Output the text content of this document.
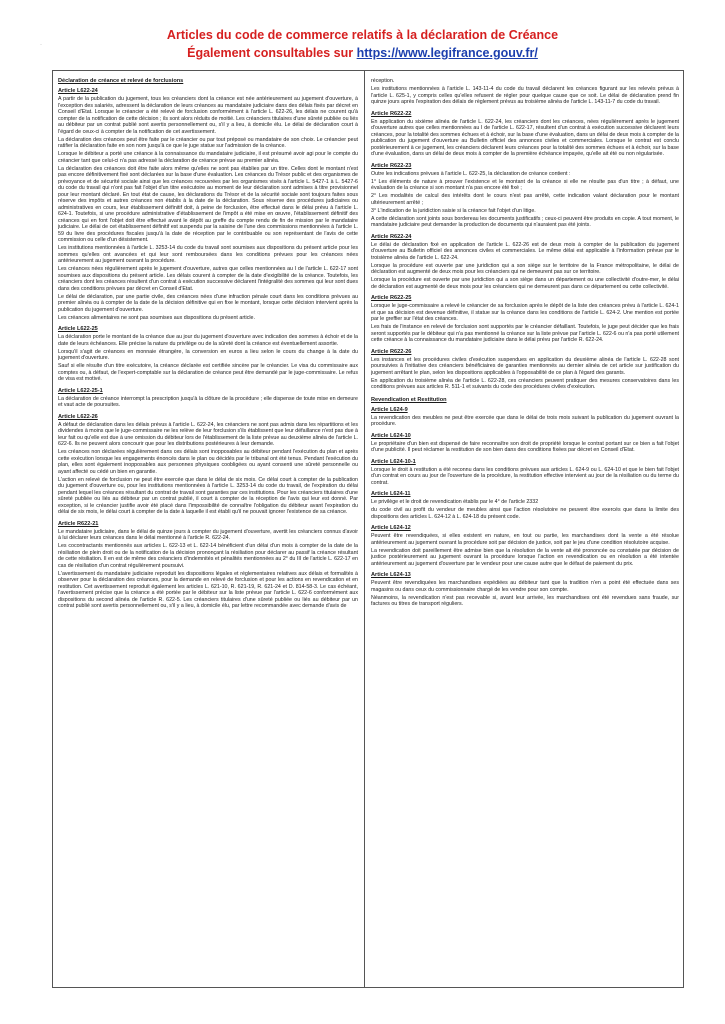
·
Articles du code de commerce relatifs à la déclaration de Créance
Également consultables sur https://www.legifrance.gouv.fr/
Déclaration de créance et relevé de forclusions
Article L622-24

A partir de la publication du jugement, tous les créanciers dont la créance est née antérieurement au jugement d'ouverture, à l'exception des salariés, adressent la déclaration de leurs créances au mandataire judiciaire dans des délais fixés par décret en Conseil d'Etat. Lorsque le créancier a été relevé de forclusion conformément à l'article L. 622-26, les délais ne courent qu'à compter de la notification de cette décision ; ils sont alors réduits de moitié. Les créanciers titulaires d'une sûreté publiée ou liés au débiteur par un contrat publié sont avertis personnellement ou, s'il y a lieu, à domicile élu. Le délai de déclaration court à l'égard de ceux-ci à compter de la notification de cet avertissement.

La déclaration des créances peut être faite par le créancier ou par tout préposé ou mandataire de son choix. Le créancier peut ratifier la déclaration faite en son nom jusqu'à ce que le juge statue sur l'admission de la créance.

Lorsque le débiteur a porté une créance à la connaissance du mandataire judiciaire, il est présumé avoir agi pour le compte du créancier tant que celui-ci n'a pas adressé la déclaration de créance prévue au premier alinéa.

La déclaration des créances doit être faite alors même qu'elles ne sont pas établies par un titre. Celles dont le montant n'est pas encore définitivement fixé sont déclarées sur la base d'une évaluation. Les créances du Trésor public et des organismes de prévoyance et de sécurité sociale ainsi que les créances recouvrées par les organismes visés à l'article L. 5427-1 à L. 5427-6 du code du travail qui n'ont pas fait l'objet d'un titre exécutoire au moment de leur déclaration sont admises à titre provisionnel pour leur montant déclaré. En tout état de cause, les déclarations du Trésor et de la sécurité sociale sont toujours faites sous réserve des impôts et autres créances non établis à la date de la déclaration. Sous réserve des procédures judiciaires ou administratives en cours, leur établissement définitif doit, à peine de forclusion, être effectué dans le délai prévu à l'article L. 624-1. Toutefois, si une procédure administrative d'établissement de l'impôt a été mise en œuvre, l'établissement définitif des créances qui en font l'objet doit être effectué avant le dépôt au greffe du compte rendu de fin de mission par le mandataire judiciaire. Le délai de cet établissement définitif est suspendu par la saisine de l'une des commissions mentionnées à l'article L. 59 du livre des procédures fiscales jusqu'à la date de réception par le contribuable ou son représentant de l'avis de cette commission ou celle d'un désistement.

Les institutions mentionnées à l'article L. 3253-14 du code du travail sont soumises aux dispositions du présent article pour les sommes qu'elles ont avancées et qui leur sont remboursées dans les conditions prévues pour les créances nées antérieurement au jugement ouvrant la procédure.

Les créances nées régulièrement après le jugement d'ouverture, autres que celles mentionnées au I de l'article L. 622-17 sont soumises aux dispositions du présent article. Les délais courent à compter de la date d'exigibilité de la créance. Toutefois, les créanciers dont les créances résultent d'un contrat à exécution successive déclarent l'intégralité des sommes qui leur sont dues dans des conditions prévues par décret en Conseil d'Etat.

Le délai de déclaration, par une partie civile, des créances nées d'une infraction pénale court dans les conditions prévues au premier alinéa ou à compter de la date de la décision définitive qui en fixe le montant, lorsque cette décision intervient après la publication du jugement d'ouverture.

Les créances alimentaires ne sont pas soumises aux dispositions du présent article.

Article L622-25

La déclaration porte le montant de la créance due au jour du jugement d'ouverture avec indication des sommes à échoir et de la date de leurs échéances. Elle précise la nature du privilège ou de la sûreté dont la créance est éventuellement assortie.

Lorsqu'il s'agit de créances en monnaie étrangère, la conversion en euros a lieu selon le cours du change à la date du jugement d'ouverture.

Sauf si elle résulte d'un titre exécutoire, la créance déclarée est certifiée sincère par le créancier. Le visa du commissaire aux comptes ou, à défaut, de l'expert-comptable sur la déclaration de créance peut être demandé par le juge-commissaire. Le refus de visa est motivé.

Article L622-25-1

La déclaration de créance interrompt la prescription jusqu'à la clôture de la procédure ; elle dispense de toute mise en demeure et vaut acte de poursuites.

Article L622-26

A défaut de déclaration dans les délais prévus à l'article L. 622-24, les créanciers ne sont pas admis dans les répartitions et les dividendes à moins que le juge-commissaire ne les relève de leur forclusion s'ils établissent que leur défaillance n'est pas due à leur fait ou qu'elle est due à une omission du débiteur lors de l'établissement de la liste prévue au deuxième alinéa de l'article L. 622-6. Ils ne peuvent alors concourir que pour les distributions postérieures à leur demande.

Les créances non déclarées régulièrement dans ces délais sont inopposables au débiteur pendant l'exécution du plan et après cette exécution lorsque les engagements énoncés dans le plan ou décidés par le tribunal ont été tenus. Pendant l'exécution du plan, elles sont également inopposables aux personnes physiques coobligées ou ayant consenti une sûreté personnelle ou ayant affecté ou cédé un bien en garantie.

L'action en relevé de forclusion ne peut être exercée que dans le délai de six mois. Ce délai court à compter de la publication du jugement d'ouverture ou, pour les institutions mentionnées à l'article L. 3253-14 du code du travail, de l'expiration du délai pendant lequel les créances résultant du contrat de travail sont garanties par ces institutions. Pour les créanciers titulaires d'une sûreté publiée ou liés au débiteur par un contrat publié, il court à compter de la réception de l'avis qui leur est donné. Par exception, si le créancier justifie avoir été placé dans l'impossibilité de connaître l'obligation du débiteur avant l'expiration du délai de six mois, le délai court à compter de la date à laquelle il est établi qu'il ne pouvait ignorer l'existence de sa créance.

Article R622-21

Le mandataire judiciaire, dans le délai de quinze jours à compter du jugement d'ouverture, avertit les créanciers connus d'avoir à lui déclarer leurs créances dans le délai mentionné à l'article R. 622-24.

Les cocontractants mentionnés aux articles L. 622-13 et L. 622-14 bénéficient d'un délai d'un mois à compter de la date de la résiliation de plein droit ou de la notification de la décision prononçant la résiliation pour déclarer au passif la créance résultant de cette résiliation. Il en est de même des créanciers d'indemnités et pénalités mentionnées au 2° du III de l'article L. 622-17 en cas de résiliation d'un contrat régulièrement poursuivi.

L'avertissement du mandataire judiciaire reproduit les dispositions légales et réglementaires relatives aux délais et formalités à observer pour la déclaration des créances, pour la demande en relevé de forclusion et pour les actions en revendication et en restitution. Cet avertissement reproduit également les articles L. 621-10, R. 621-19, R. 621-24 et D. 814-58-3. Le cas échéant, l'avertissement précise que la créance a été portée par le débiteur sur la liste prévue par l'article L. 622-6 conformément aux dispositions du second alinéa de l'article R. 622-5. Les créanciers titulaires d'une sûreté publiée ou liés au débiteur par un contrat publié sont avertis personnellement ou, s'il y a lieu, à domicile élu, par lettre recommandée avec demande d'avis de

réception.

Les institutions mentionnées à l'article L. 143-11-4 du code du travail déclarent les créances figurant sur les relevés prévus à l'article L. 625-1, y compris celles qu'elles refusent de régler pour quelque cause que ce soit. Le délai de déclaration prend fin quinze jours après l'expiration des délais de règlement prévus au troisième alinéa de l'article L. 143-11-7 du code du travail.

Article R622-22

En application du sixième alinéa de l'article L. 622-24, les créanciers dont les créances, nées régulièrement après le jugement d'ouverture autres que celles mentionnées au I de l'article L. 622-17, résultent d'un contrat à exécution successive déclarent leurs créances, pour la totalité des sommes échues et à échoir, sur la base d'une évaluation, dans un délai de deux mois à compter de la publication du jugement d'ouverture au Bulletin officiel des annonces civiles et commerciales. Lorsque le contrat est conclu postérieurement à ce jugement, les créanciers déclarent leurs créances pour la totalité des sommes échues et à échoir, sur la base d'une évaluation, dans un délai de deux mois à compter de la première échéance impayée, qu'elle ait été ou non régularisée.

Article R622-23

Outre les indications prévues à l'article L. 622-25, la déclaration de créance contient :

1° Les éléments de nature à prouver l'existence et le montant de la créance si elle ne résulte pas d'un titre ; à défaut, une évaluation de la créance si son montant n'a pas encore été fixé ;

2° Les modalités de calcul des intérêts dont le cours n'est pas arrêté, cette indication valant déclaration pour le montant ultérieurement arrêté ;

3° L'indication de la juridiction saisie si la créance fait l'objet d'un litige.

A cette déclaration sont joints sous bordereau les documents justificatifs ; ceux-ci peuvent être produits en copie. A tout moment, le mandataire judiciaire peut demander la production de documents qui n'auraient pas été joints.

Article R622-24

Le délai de déclaration fixé en application de l'article L. 622-26 est de deux mois à compter de la publication du jugement d'ouverture au Bulletin officiel des annonces civiles et commerciales. Le même délai est applicable à l'information prévue par le troisième alinéa de l'article L. 622-24.

Lorsque la procédure est ouverte par une juridiction qui a son siège sur le territoire de la France métropolitaine, le délai de déclaration est augmenté de deux mois pour les créanciers qui ne demeurent pas sur ce territoire.

Lorsque la procédure est ouverte par une juridiction qui a son siège dans un département ou une collectivité d'outre-mer, le délai de déclaration est augmenté de deux mois pour les créanciers qui ne demeurent pas dans ce département ou cette collectivité.

Article R622-25

Lorsque le juge-commissaire a relevé le créancier de sa forclusion après le dépôt de la liste des créances prévu à l'article L. 624-1 et que sa décision est devenue définitive, il statue sur la créance dans les conditions de l'article L. 624-2. Une mention est portée par le greffier sur l'état des créances.

Les frais de l'instance en relevé de forclusion sont supportés par le créancier défaillant. Toutefois, le juge peut décider que les frais seront supportés par le débiteur qui n'a pas mentionné la créance sur la liste prévue par l'article L. 622-6 ou n'a pas porté utilement cette créance à la connaissance du mandataire judiciaire dans le délai prévu par l'article R. 622-24.

Article R622-26

Les instances et les procédures civiles d'exécution suspendues en application du deuxième alinéa de l'article L. 622-28 sont poursuivies à l'initiative des créanciers bénéficiaires de garanties mentionnés au dernier alinéa de cet article sur justification du jugement arrêtant le plan, selon les dispositions applicables à l'opposabilité de ce plan à l'égard des garants.

En application du troisième alinéa de l'article L. 622-28, ces créanciers peuvent pratiquer des mesures conservatoires dans les conditions prévues aux articles R. 511-1 et suivants du code des procédures civiles d'exécution.

Revendication et Restitution
Article L624-9

La revendication des meubles ne peut être exercée que dans le délai de trois mois suivant la publication du jugement ouvrant la procédure.

Article L624-10

Le propriétaire d'un bien est dispensé de faire reconnaître son droit de propriété lorsque le contrat portant sur ce bien a fait l'objet d'une publicité. Il peut réclamer la restitution de son bien dans des conditions fixées par décret en Conseil d'Etat.

Article L624-10-1

Lorsque le droit à restitution a été reconnu dans les conditions prévues aux articles L. 624-9 ou L. 624-10 et que le bien fait l'objet d'un contrat en cours au jour de l'ouverture de la procédure, la restitution effective intervient au jour de la résiliation ou du terme du contrat.

Article L624-11

Le privilège et le droit de revendication établis par le 4° de l'article 2332

du code civil au profit du vendeur de meubles ainsi que l'action résolutoire ne peuvent être exercés que dans la limite des dispositions des articles L. 624-12 à L. 624-18 du présent code.

Article L624-12

Peuvent être revendiquées, si elles existent en nature, en tout ou partie, les marchandises dont la vente a été résolue antérieurement au jugement ouvrant la procédure soit par décision de justice, soit par le jeu d'une condition résolutoire acquise.

La revendication doit pareillement être admise bien que la résolution de la vente ait été prononcée ou constatée par décision de justice postérieurement au jugement ouvrant la procédure lorsque l'action en revendication ou en résolution a été intentée antérieurement au jugement d'ouverture par le vendeur pour une cause autre que le défaut de paiement du prix.

Article L624-13

Peuvent être revendiquées les marchandises expédiées au débiteur tant que la tradition n'en a point été effectuée dans ses magasins ou dans ceux du commissionnaire chargé de les vendre pour son compte.

Néanmoins, la revendication n'est pas recevable si, avant leur arrivée, les marchandises ont été revendues sans fraude, sur factures ou titres de transport réguliers.
